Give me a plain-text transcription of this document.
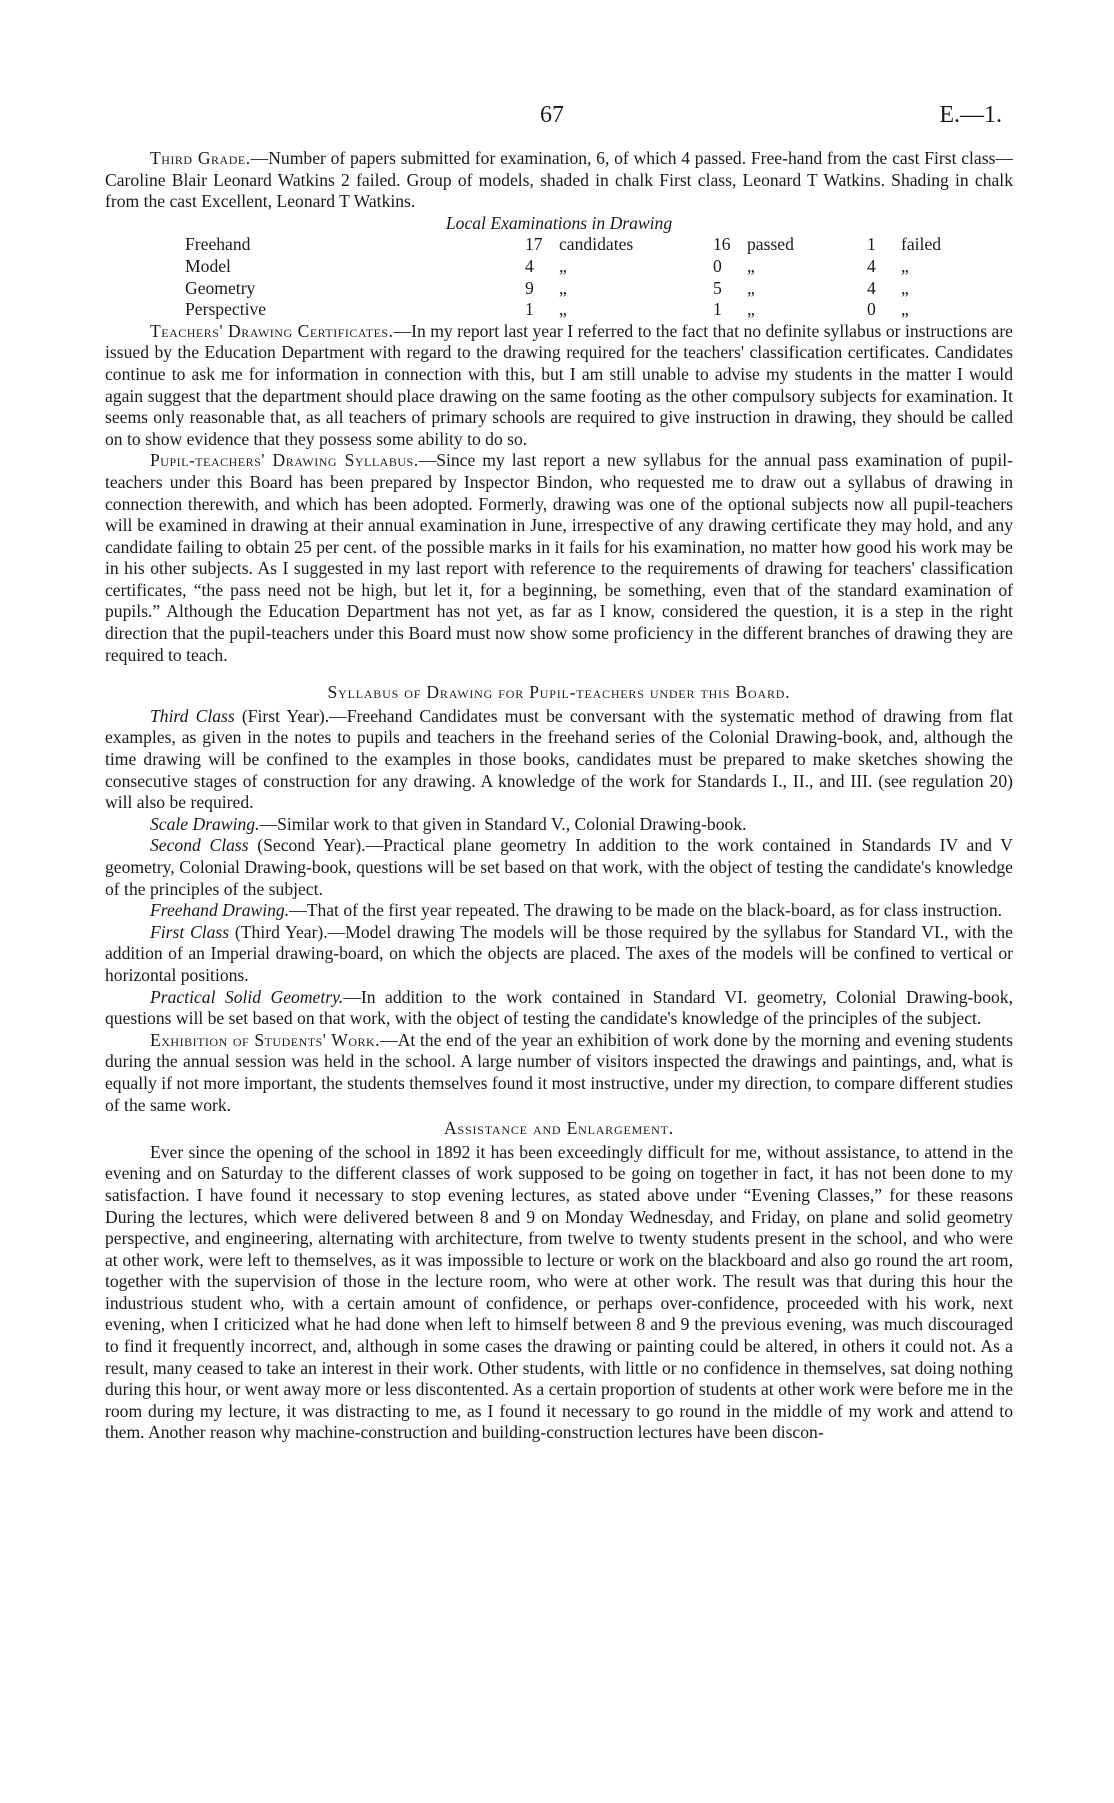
67	E.—1.

Third Grade.—Number of papers submitted for examination, 6, of which 4 passed. Free-hand from the cast First class—Caroline Blair Leonard Watkins 2 failed. Group of models, shaded in chalk First class, Leonard T Watkins. Shading in chalk from the cast Excellent, Leonard T Watkins.

Local Examinations in Drawing
Freehand	17 candidates	16 passed	1 failed
Model	4 „	0 „	4 „
Geometry	9 „	5 „	4 „
Perspective	1 „	1 „	0 „

Teachers' Drawing Certificates.—In my report last year I referred to the fact that no definite syllabus or instructions are issued by the Education Department with regard to the drawing required for the teachers' classification certificates. Candidates continue to ask me for information in connection with this, but I am still unable to advise my students in the matter I would again suggest that the department should place drawing on the same footing as the other compulsory subjects for examination. It seems only reasonable that, as all teachers of primary schools are required to give instruction in drawing, they should be called on to show evidence that they possess some ability to do so.

Pupil-teachers' Drawing Syllabus.—Since my last report a new syllabus for the annual pass examination of pupil-teachers under this Board has been prepared by Inspector Bindon, who requested me to draw out a syllabus of drawing in connection therewith, and which has been adopted. Formerly, drawing was one of the optional subjects now all pupil-teachers will be examined in drawing at their annual examination in June, irrespective of any drawing certificate they may hold, and any candidate failing to obtain 25 per cent. of the possible marks in it fails for his examination, no matter how good his work may be in his other subjects. As I suggested in my last report with reference to the requirements of drawing for teachers' classification certificates, “the pass need not be high, but let it, for a beginning, be something, even that of the standard examination of pupils.” Although the Education Department has not yet, as far as I know, considered the question, it is a step in the right direction that the pupil-teachers under this Board must now show some proficiency in the different branches of drawing they are required to teach.

Syllabus of Drawing for Pupil-teachers under this Board.

Third Class (First Year).—Freehand Candidates must be conversant with the systematic method of drawing from flat examples, as given in the notes to pupils and teachers in the freehand series of the Colonial Drawing-book, and, although the time drawing will be confined to the examples in those books, candidates must be prepared to make sketches showing the consecutive stages of construction for any drawing. A knowledge of the work for Standards I., II., and III. (see regulation 20) will also be required.

Scale Drawing.—Similar work to that given in Standard V., Colonial Drawing-book.

Second Class (Second Year).—Practical plane geometry In addition to the work contained in Standards IV and V geometry, Colonial Drawing-book, questions will be set based on that work, with the object of testing the candidate's knowledge of the principles of the subject.

Freehand Drawing.—That of the first year repeated. The drawing to be made on the black-board, as for class instruction.

First Class (Third Year).—Model drawing The models will be those required by the syllabus for Standard VI., with the addition of an Imperial drawing-board, on which the objects are placed. The axes of the models will be confined to vertical or horizontal positions.

Practical Solid Geometry.—In addition to the work contained in Standard VI. geometry, Colonial Drawing-book, questions will be set based on that work, with the object of testing the candidate's knowledge of the principles of the subject.

Exhibition of Students' Work.—At the end of the year an exhibition of work done by the morning and evening students during the annual session was held in the school. A large number of visitors inspected the drawings and paintings, and, what is equally if not more important, the students themselves found it most instructive, under my direction, to compare different studies of the same work.

Assistance and Enlargement.

Ever since the opening of the school in 1892 it has been exceedingly difficult for me, without assistance, to attend in the evening and on Saturday to the different classes of work supposed to be going on together in fact, it has not been done to my satisfaction. I have found it necessary to stop evening lectures, as stated above under “Evening Classes,” for these reasons During the lectures, which were delivered between 8 and 9 on Monday Wednesday, and Friday, on plane and solid geometry perspective, and engineering, alternating with architecture, from twelve to twenty students present in the school, and who were at other work, were left to themselves, as it was impossible to lecture or work on the blackboard and also go round the art room, together with the supervision of those in the lecture room, who were at other work. The result was that during this hour the industrious student who, with a certain amount of confidence, or perhaps over-confidence, proceeded with his work, next evening, when I criticized what he had done when left to himself between 8 and 9 the previous evening, was much discouraged to find it frequently incorrect, and, although in some cases the drawing or painting could be altered, in others it could not. As a result, many ceased to take an interest in their work. Other students, with little or no confidence in themselves, sat doing nothing during this hour, or went away more or less discontented. As a certain proportion of students at other work were before me in the room during my lecture, it was distracting to me, as I found it necessary to go round in the middle of my work and attend to them. Another reason why machine-construction and building-construction lectures have been discon-
